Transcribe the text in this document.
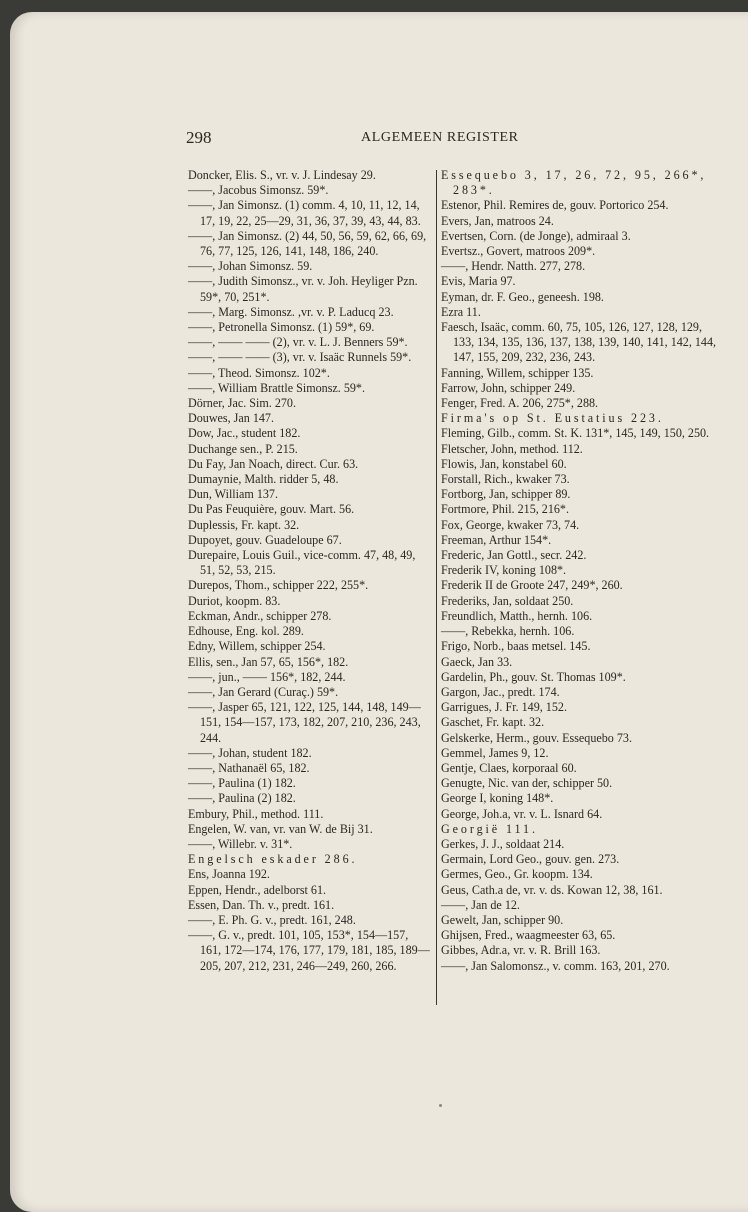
298	ALGEMEEN REGISTER

Doncker, Elis. S., vr. v. J. Lindesay 29.

——, Jacobus Simonsz. 59*.

——, Jan Simonsz. (1) comm. 4, 10, 11, 12, 14, 17, 19, 22, 25—29, 31, 36, 37, 39, 43, 44, 83.

——, Jan Simonsz. (2) 44, 50, 56, 59, 62, 66, 69, 76, 77, 125, 126, 141, 148, 186, 240.

——, Johan Simonsz. 59.

——, Judith Simonsz., vr. v. Joh. Heyliger Pzn. 59*, 70, 251*.

——, Marg. Simonsz. ,vr. v. P. Laducq 23.

——, Petronella Simonsz. (1) 59*, 69.

——, —— —— (2), vr. v. L. J. Benners 59*.

——, —— —— (3), vr. v. Isaäc Runnels 59*.

——, Theod. Simonsz. 102*.

——, William Brattle Simonsz. 59*.

Dörner, Jac. Sim. 270.

Douwes, Jan 147.

Dow, Jac., student 182.

Duchange sen., P. 215.

Du Fay, Jan Noach, direct. Cur. 63.

Dumaynie, Malth. ridder 5, 48.

Dun, William 137.

Du Pas Feuquière, gouv. Mart. 56.

Duplessis, Fr. kapt. 32.

Dupoyet, gouv. Guadeloupe 67.

Durepaire, Louis Guil., vice-comm. 47, 48, 49, 51, 52, 53, 215.

Durepos, Thom., schipper 222, 255*.

Duriot, koopm. 83.

Eckman, Andr., schipper 278.

Edhouse, Eng. kol. 289.

Edny, Willem, schipper 254.

Ellis, sen., Jan 57, 65, 156*, 182.

——, jun., —— 156*, 182, 244.

——, Jan Gerard (Curaç.) 59*.

——, Jasper 65, 121, 122, 125, 144, 148, 149—151, 154—157, 173, 182, 207, 210, 236, 243, 244.

——, Johan, student 182.

——, Nathanaël 65, 182.

——, Paulina (1) 182.

——, Paulina (2) 182.

Embury, Phil., method. 111.

Engelen, W. van, vr. van W. de Bij 31.

——, Willebr. v. 31*.

Engelsch eskader 286.

Ens, Joanna 192.

Eppen, Hendr., adelborst 61.

Essen, Dan. Th. v., predt. 161.

——, E. Ph. G. v., predt. 161, 248.

——, G. v., predt. 101, 105, 153*, 154—157, 161, 172—174, 176, 177, 179, 181, 185, 189—205, 207, 212, 231, 246—249, 260, 266.

Essequebo 3, 17, 26, 72, 95, 266*, 283*.

Estenor, Phil. Remires de, gouv. Portorico 254.

Evers, Jan, matroos 24.

Evertsen, Corn. (de Jonge), admiraal 3.

Evertsz., Govert, matroos 209*.

——, Hendr. Natth. 277, 278.

Evis, Maria 97.

Eyman, dr. F. Geo., geneesh. 198.

Ezra 11.

Faesch, Isaäc, comm. 60, 75, 105, 126, 127, 128, 129, 133, 134, 135, 136, 137, 138, 139, 140, 141, 142, 144, 147, 155, 209, 232, 236, 243.

Fanning, Willem, schipper 135.

Farrow, John, schipper 249.

Fenger, Fred. A. 206, 275*, 288.

Firma's op St. Eustatius 223.

Fleming, Gilb., comm. St. K. 131*, 145, 149, 150, 250.

Fletscher, John, method. 112.

Flowis, Jan, konstabel 60.

Forstall, Rich., kwaker 73.

Fortborg, Jan, schipper 89.

Fortmore, Phil. 215, 216*.

Fox, George, kwaker 73, 74.

Freeman, Arthur 154*.

Frederic, Jan Gottl., secr. 242.

Frederik IV, koning 108*.

Frederik II de Groote 247, 249*, 260.

Frederiks, Jan, soldaat 250.

Freundlich, Matth., hernh. 106.

——, Rebekka, hernh. 106.

Frigo, Norb., baas metsel. 145.

Gaeck, Jan 33.

Gardelin, Ph., gouv. St. Thomas 109*.

Gargon, Jac., predt. 174.

Garrigues, J. Fr. 149, 152.

Gaschet, Fr. kapt. 32.

Gelskerke, Herm., gouv. Essequebo 73.

Gemmel, James 9, 12.

Gentje, Claes, korporaal 60.

Genugte, Nic. van der, schipper 50.

George I, koning 148*.

George, Joh.a, vr. v. L. Isnard 64.

Georgië 111.

Gerkes, J. J., soldaat 214.

Germain, Lord Geo., gouv. gen. 273.

Germes, Geo., Gr. koopm. 134.

Geus, Cath.a de, vr. v. ds. Kowan 12, 38, 161.

——, Jan de 12.

Gewelt, Jan, schipper 90.

Ghijsen, Fred., waagmeester 63, 65.

Gibbes, Adr.a, vr. v. R. Brill 163.

——, Jan Salomonsz., v. comm. 163, 201, 270.
